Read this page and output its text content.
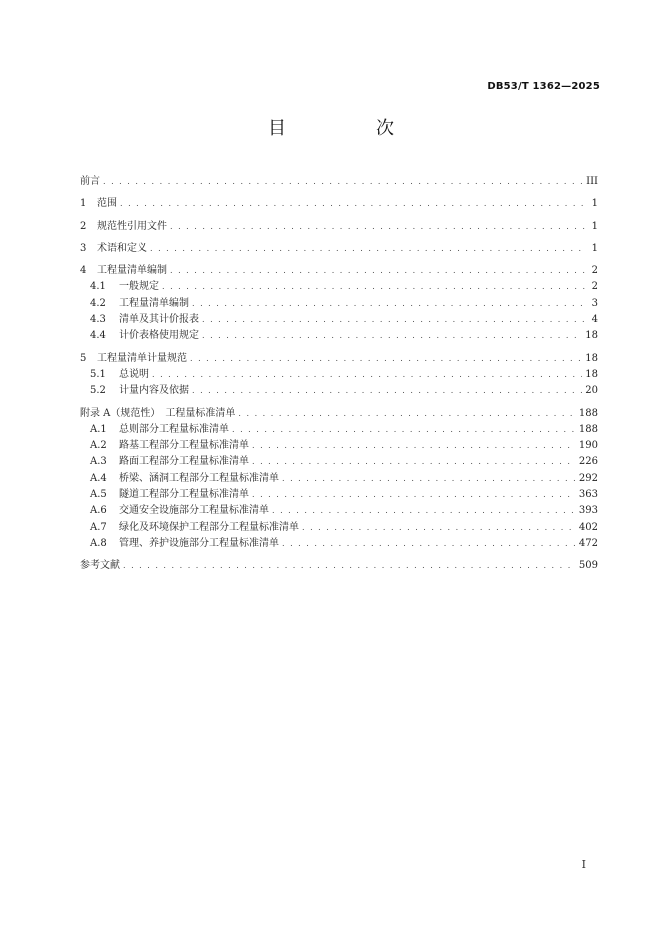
DB53/T 1362—2025
目　次
前言 . . .	III
1	范围 . . .	1
2	规范性引用文件 . . .	1
3	术语和定义 . . .	1
4	工程量清单编制 . . .	2
4.1	一般规定 . . .	2
4.2	工程量清单编制 . . .	3
4.3	清单及其计价报表 . . .	4
4.4	计价表格使用规定 . . .	18
5	工程量清单计量规范 . . .	18
5.1	总说明 . . .	18
5.2	计量内容及依据 . . .	20
附录 A（规范性）　工程量标准清单 . . .	188
A.1	总则部分工程量标准清单 . . .	188
A.2	路基工程部分工程量标准清单 . . .	190
A.3	路面工程部分工程量标准清单 . . .	226
A.4	桥梁、涵洞工程部分工程量标准清单 . . .	292
A.5	隧道工程部分工程量标准清单 . . .	363
A.6	交通安全设施部分工程量标准清单 . . .	393
A.7	绿化及环境保护工程部分工程量标准清单 . . .	402
A.8	管理、养护设施部分工程量标准清单 . . .	472
参考文献 . . .	509
I
